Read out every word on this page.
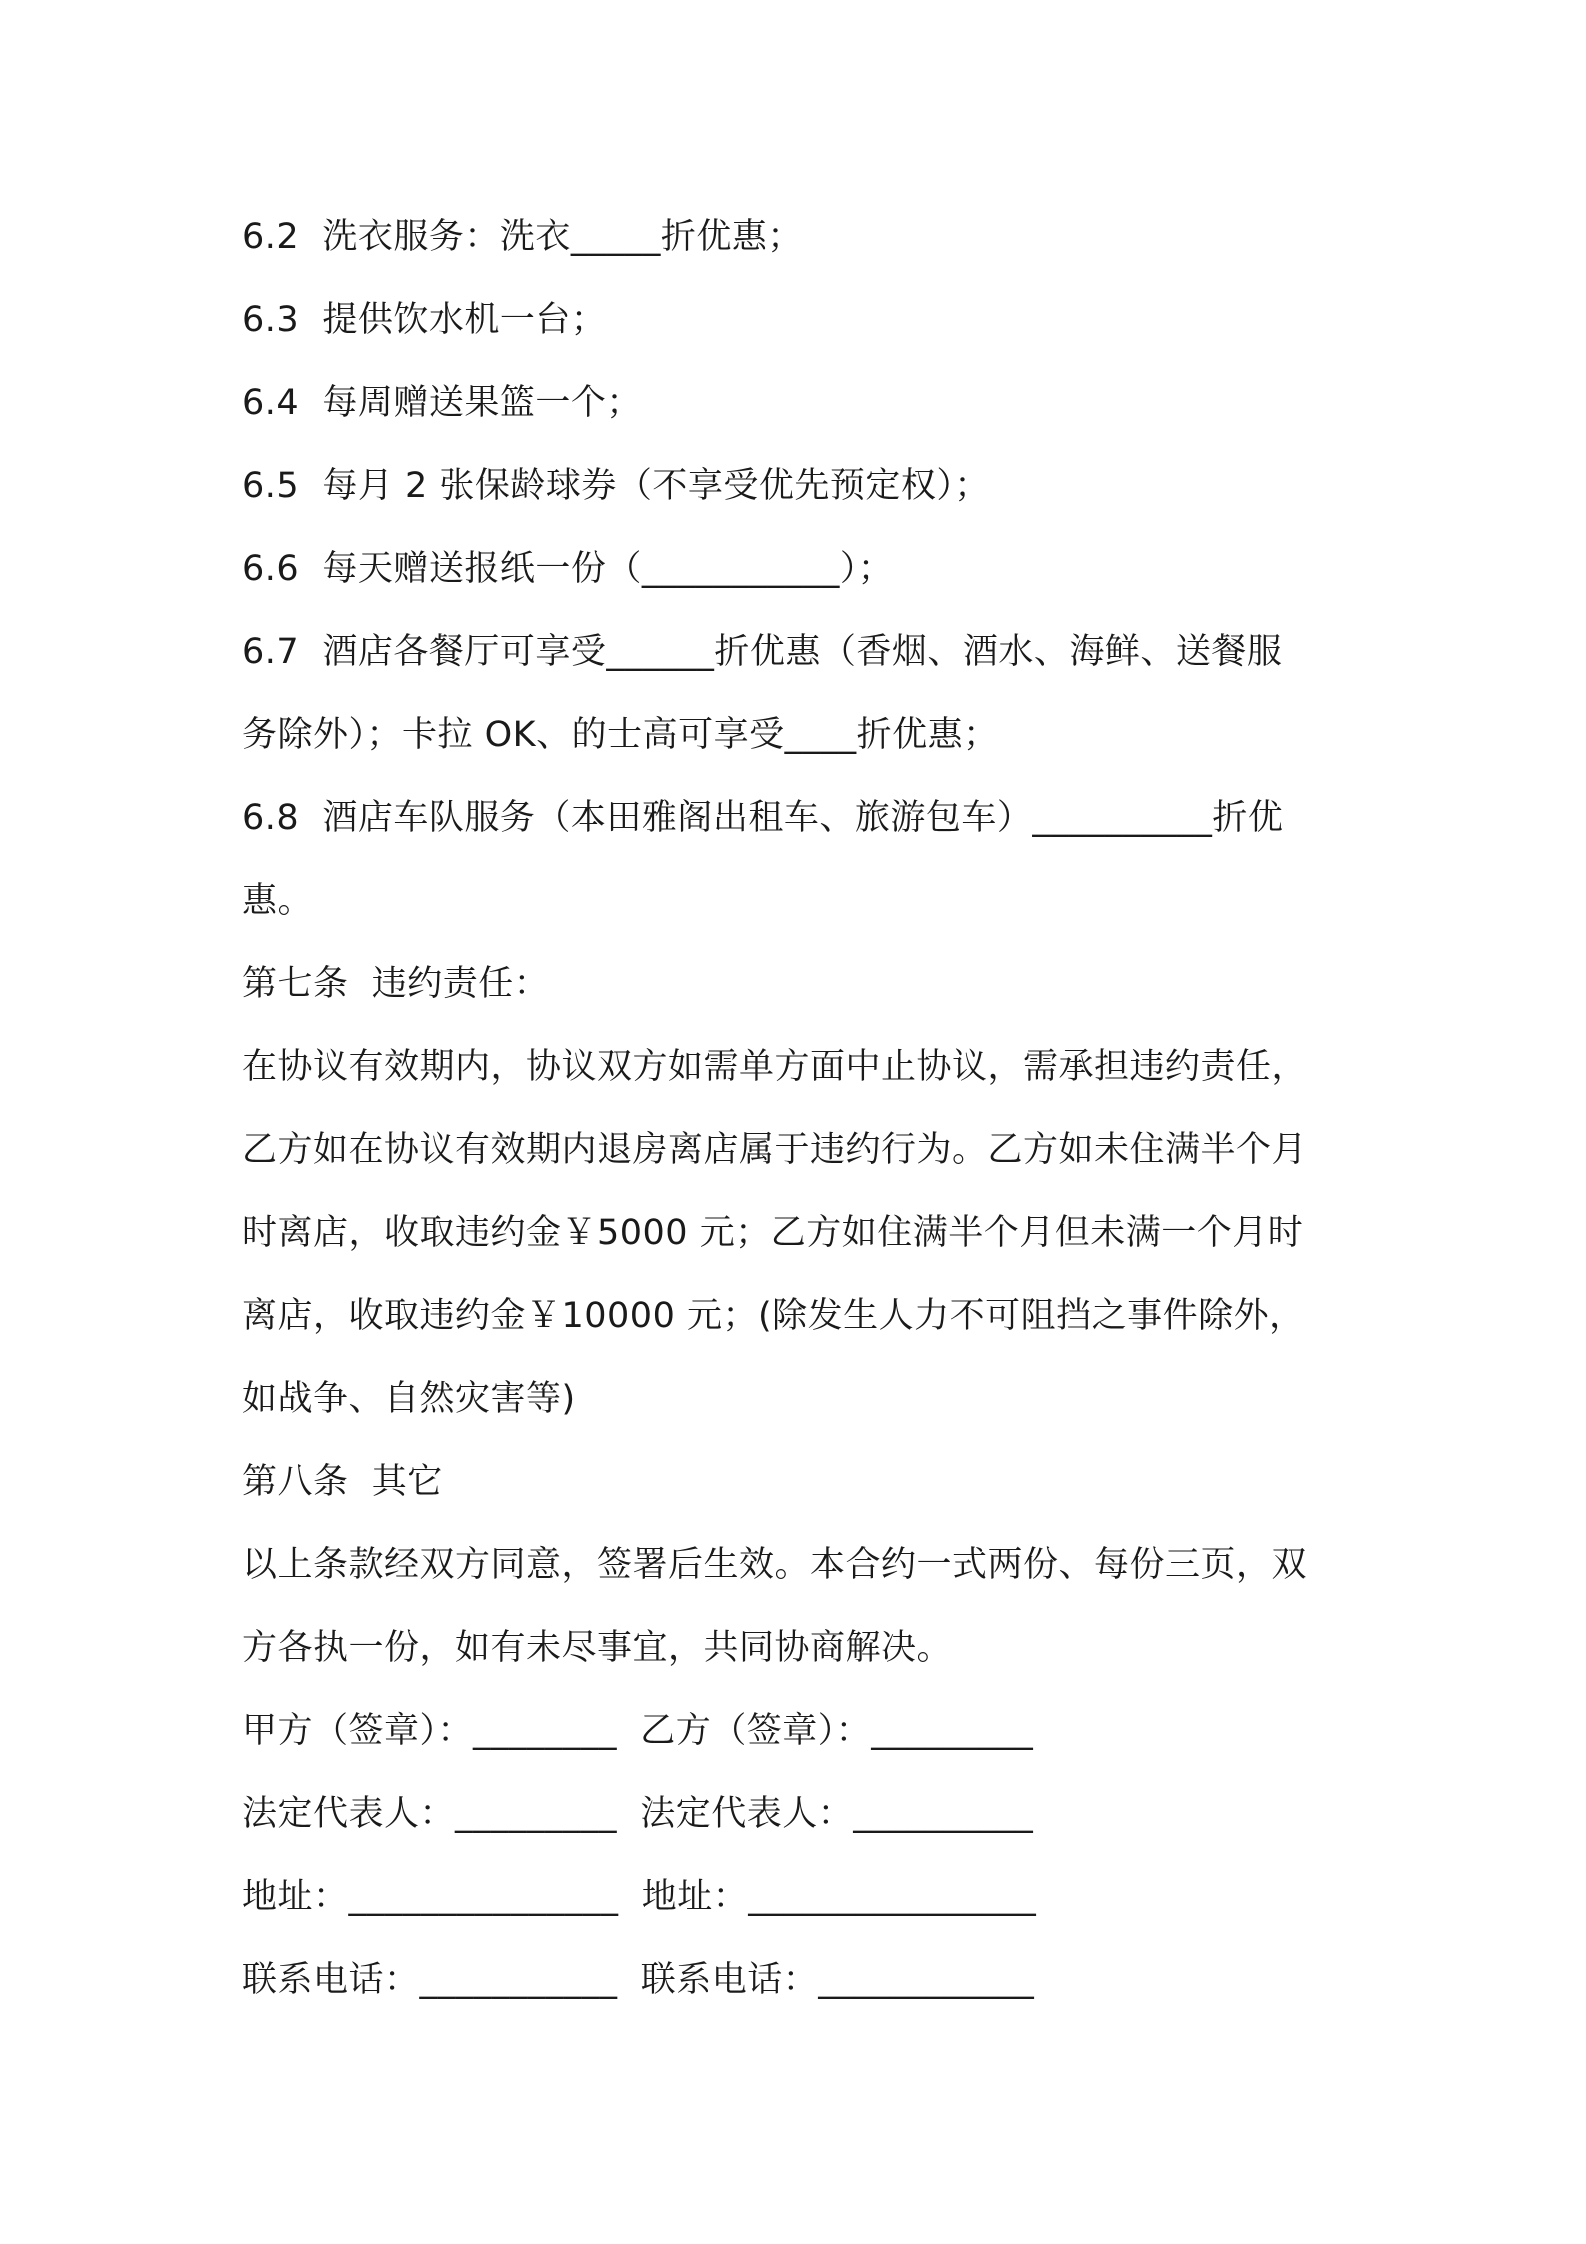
6.2  洗衣服务：洗衣_____折优惠；
6.3  提供饮水机一台；
6.4  每周赠送果篮一个；
6.5  每月 2 张保龄球券（不享受优先预定权）；
6.6  每天赠送报纸一份（___________）；
6.7  酒店各餐厅可享受______折优惠（香烟、酒水、海鲜、送餐服
务除外）；卡拉 OK、的士高可享受____折优惠；
6.8  酒店车队服务（本田雅阁出租车、旅游包车）__________折优
惠。
第七条  违约责任：
在协议有效期内，协议双方如需单方面中止协议，需承担违约责任，
乙方如在协议有效期内退房离店属于违约行为。乙方如未住满半个月
时离店，收取违约金￥5000 元；乙方如住满半个月但未满一个月时
离店，收取违约金￥10000 元；(除发生人力不可阻挡之事件除外，
如战争、自然灾害等)
第八条  其它
以上条款经双方同意，签署后生效。本合约一式两份、每份三页，双
方各执一份，如有未尽事宜，共同协商解决。
甲方（签章）：________  乙方（签章）：_________
法定代表人：_________  法定代表人：__________
地址：_______________  地址：________________
联系电话：___________  联系电话：____________
